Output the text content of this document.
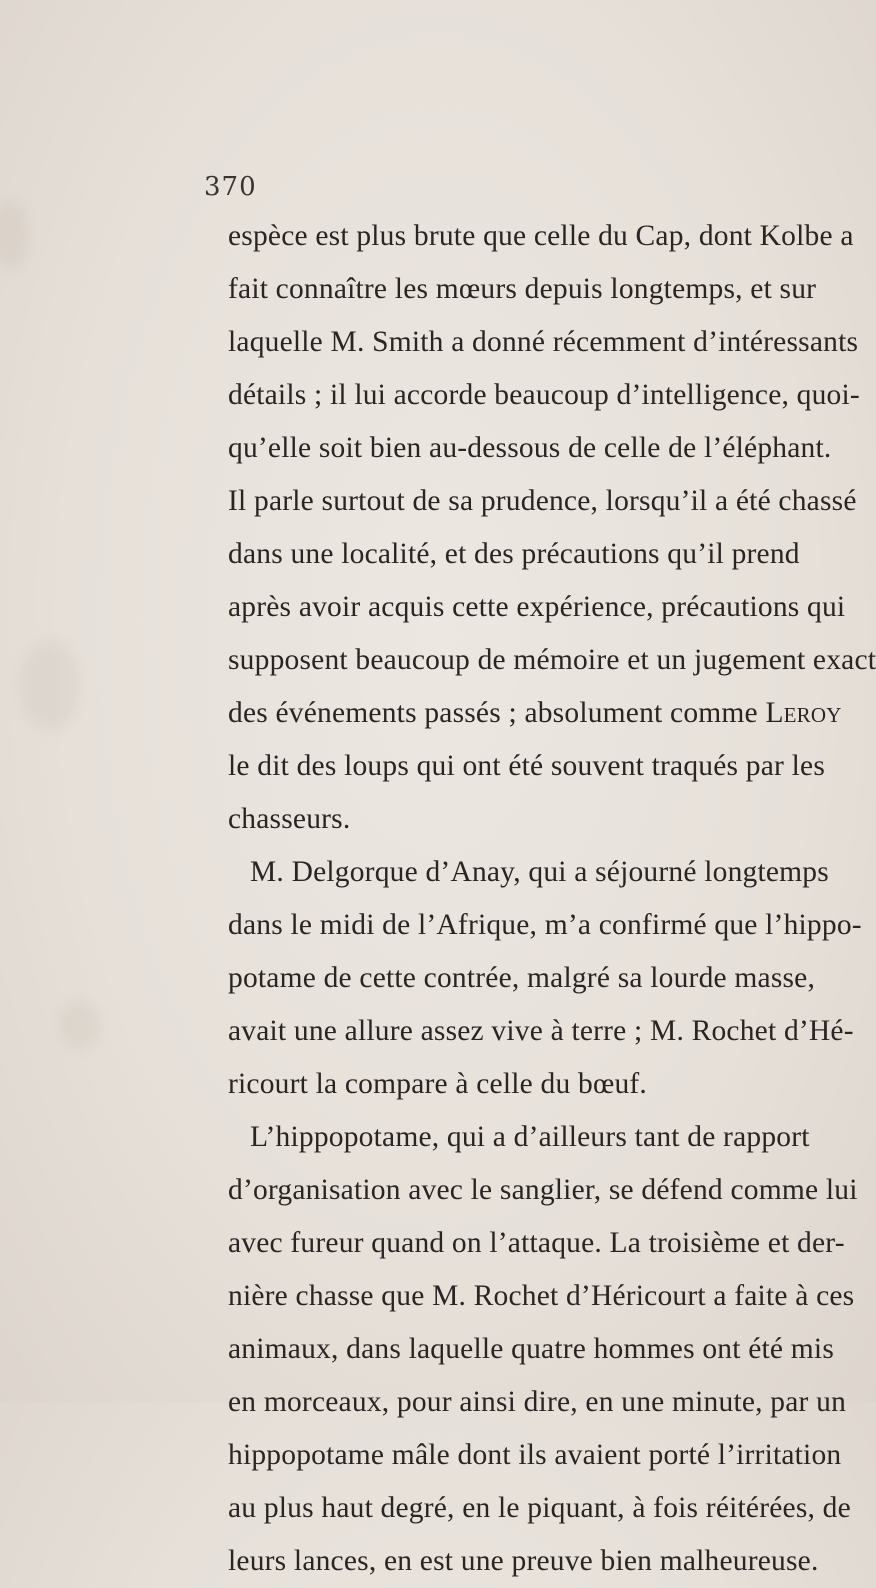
370
espèce est plus brute que celle du Cap, dont Kolbe a
fait connaître les mœurs depuis longtemps, et sur
laquelle M. Smith a donné récemment d’intéressants
détails ; il lui accorde beaucoup d’intelligence, quoi-
qu’elle soit bien au-dessous de celle de l’éléphant.
Il parle surtout de sa prudence, lorsqu’il a été chassé
dans une localité, et des précautions qu’il prend
après avoir acquis cette expérience, précautions qui
supposent beaucoup de mémoire et un jugement exact
des événements passés ; absolument comme Leroy
le dit des loups qui ont été souvent traqués par les
chasseurs.
M. Delgorque d’Anay, qui a séjourné longtemps
dans le midi de l’Afrique, m’a confirmé que l’hippo-
potame de cette contrée, malgré sa lourde masse,
avait une allure assez vive à terre ; M. Rochet d’Hé-
ricourt la compare à celle du bœuf.
L’hippopotame, qui a d’ailleurs tant de rapport
d’organisation avec le sanglier, se défend comme lui
avec fureur quand on l’attaque. La troisième et der-
nière chasse que M. Rochet d’Héricourt a faite à ces
animaux, dans laquelle quatre hommes ont été mis
en morceaux, pour ainsi dire, en une minute, par un
hippopotame mâle dont ils avaient porté l’irritation
au plus haut degré, en le piquant, à fois réitérées, de
leurs lances, en est une preuve bien malheureuse.
